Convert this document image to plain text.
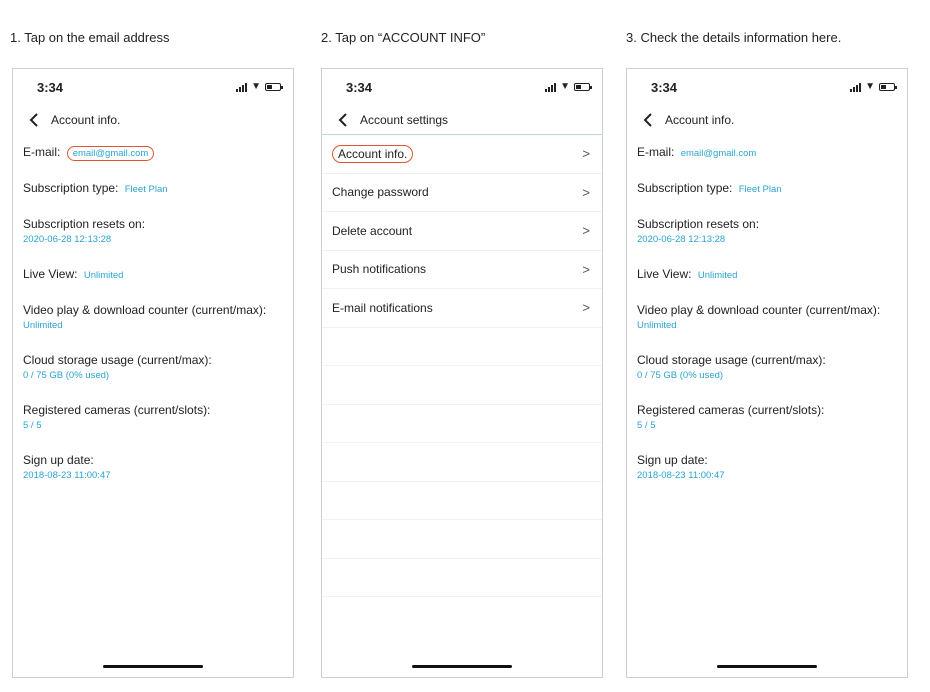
1. Tap on the email address	2. Tap on “ACCOUNT INFO”	3. Check the details information here.
3:34	▼
Account info.
E-mail: email@gmail.com
Subscription type: Fleet Plan
Subscription resets on:
2020-06-28 12:13:28
Live View: Unlimited
Video play & download counter (current/max):
Unlimited
Cloud storage usage (current/max):
0 / 75 GB (0% used)
Registered cameras (current/slots):
5 / 5
Sign up date:
2018-08-23 11:00:47
3:34	▼
Account settings
Account info.	>
Change password	>
Delete account	>
Push notifications	>
E-mail notifications	>
3:34	▼
Account info.
E-mail: email@gmail.com
Subscription type: Fleet Plan
Subscription resets on:
2020-06-28 12:13:28
Live View: Unlimited
Video play & download counter (current/max):
Unlimited
Cloud storage usage (current/max):
0 / 75 GB (0% used)
Registered cameras (current/slots):
5 / 5
Sign up date:
2018-08-23 11:00:47
